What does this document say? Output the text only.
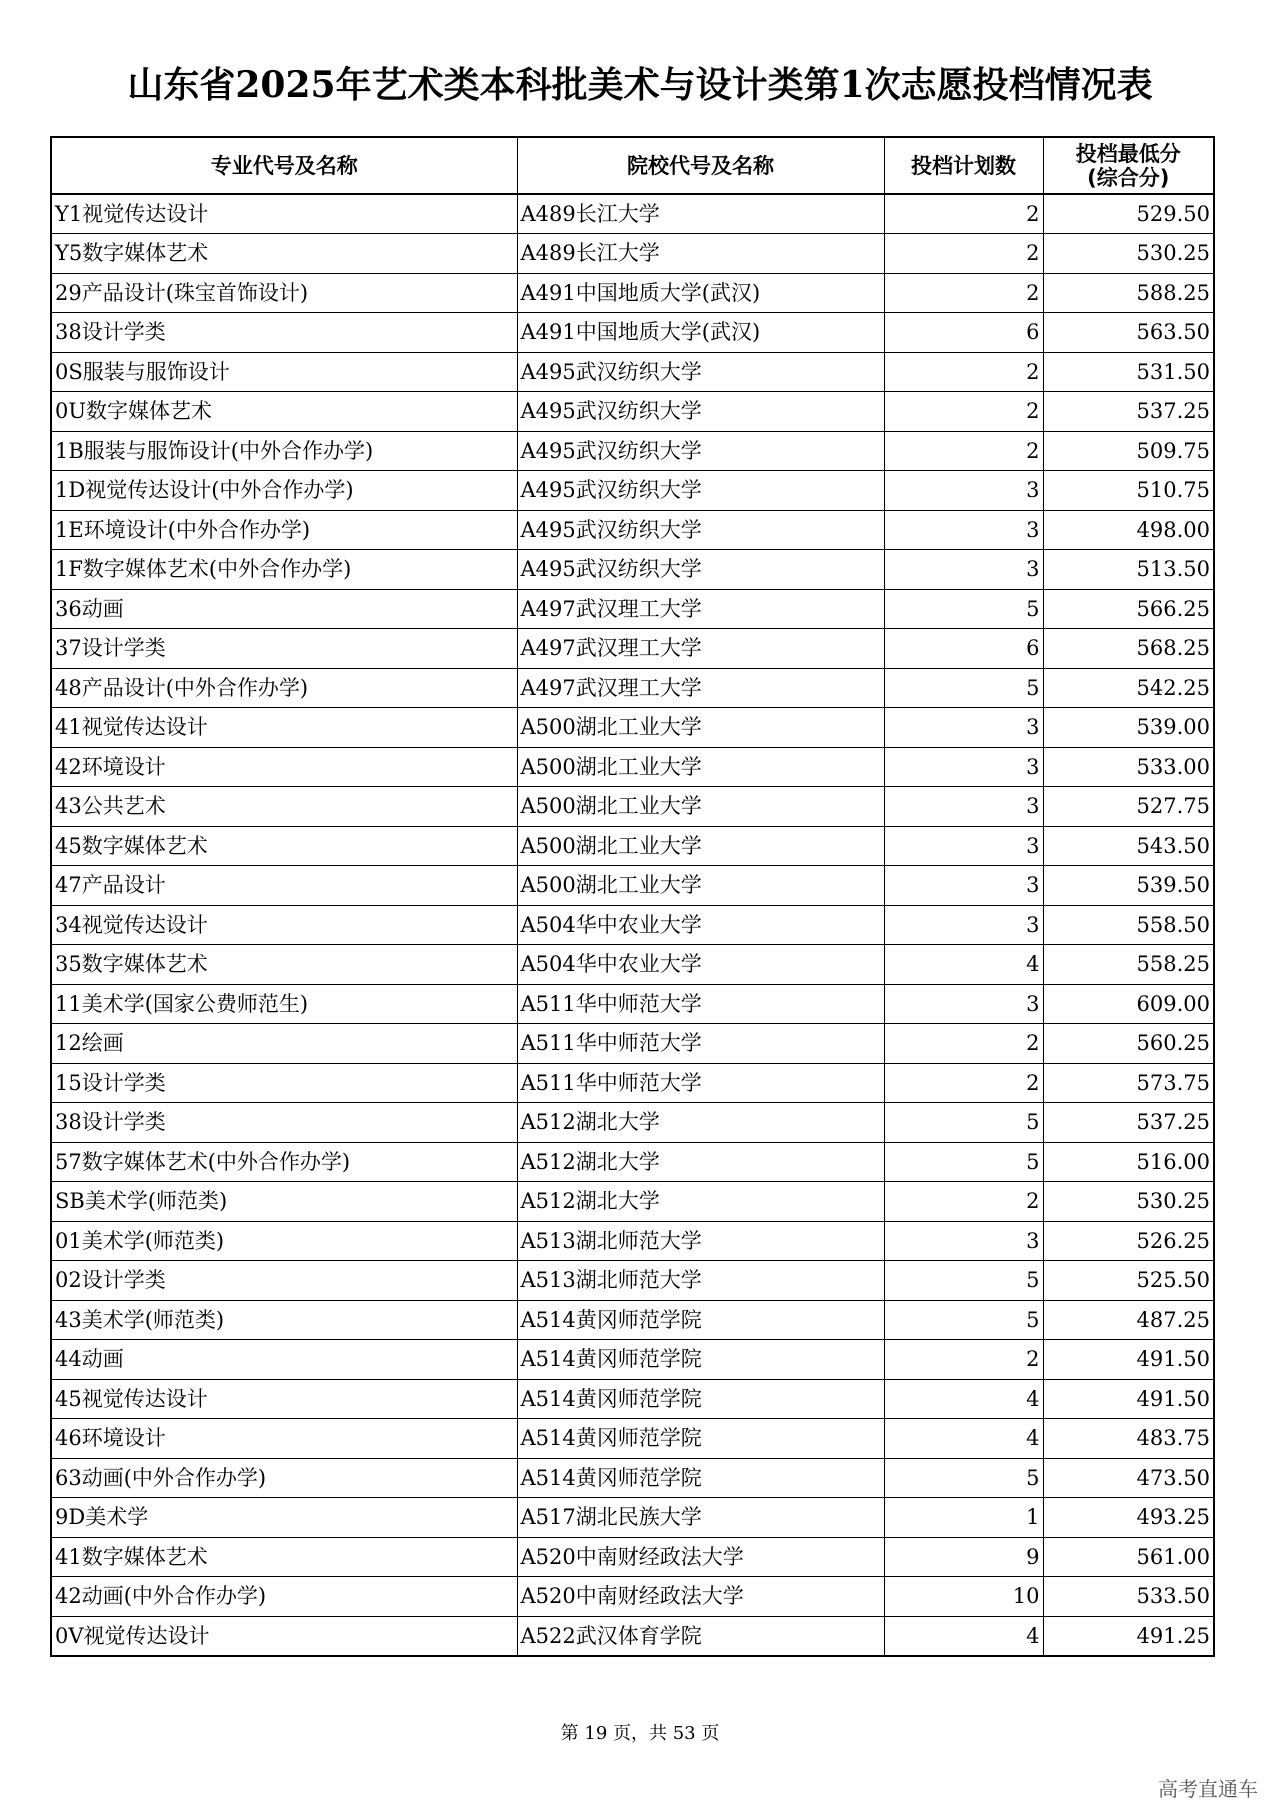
山东省2025年艺术类本科批美术与设计类第1次志愿投档情况表
专业代号及名称	院校代号及名称	投档计划数	投档最低分
(综合分)

Y1视觉传达设计	A489长江大学	2	529.50
Y5数字媒体艺术	A489长江大学	2	530.25
29产品设计(珠宝首饰设计)	A491中国地质大学(武汉)	2	588.25
38设计学类	A491中国地质大学(武汉)	6	563.50
0S服装与服饰设计	A495武汉纺织大学	2	531.50
0U数字媒体艺术	A495武汉纺织大学	2	537.25
1B服装与服饰设计(中外合作办学)	A495武汉纺织大学	2	509.75
1D视觉传达设计(中外合作办学)	A495武汉纺织大学	3	510.75
1E环境设计(中外合作办学)	A495武汉纺织大学	3	498.00
1F数字媒体艺术(中外合作办学)	A495武汉纺织大学	3	513.50
36动画	A497武汉理工大学	5	566.25
37设计学类	A497武汉理工大学	6	568.25
48产品设计(中外合作办学)	A497武汉理工大学	5	542.25
41视觉传达设计	A500湖北工业大学	3	539.00
42环境设计	A500湖北工业大学	3	533.00
43公共艺术	A500湖北工业大学	3	527.75
45数字媒体艺术	A500湖北工业大学	3	543.50
47产品设计	A500湖北工业大学	3	539.50
34视觉传达设计	A504华中农业大学	3	558.50
35数字媒体艺术	A504华中农业大学	4	558.25
11美术学(国家公费师范生)	A511华中师范大学	3	609.00
12绘画	A511华中师范大学	2	560.25
15设计学类	A511华中师范大学	2	573.75
38设计学类	A512湖北大学	5	537.25
57数字媒体艺术(中外合作办学)	A512湖北大学	5	516.00
SB美术学(师范类)	A512湖北大学	2	530.25
01美术学(师范类)	A513湖北师范大学	3	526.25
02设计学类	A513湖北师范大学	5	525.50
43美术学(师范类)	A514黄冈师范学院	5	487.25
44动画	A514黄冈师范学院	2	491.50
45视觉传达设计	A514黄冈师范学院	4	491.50
46环境设计	A514黄冈师范学院	4	483.75
63动画(中外合作办学)	A514黄冈师范学院	5	473.50
9D美术学	A517湖北民族大学	1	493.25
41数字媒体艺术	A520中南财经政法大学	9	561.00
42动画(中外合作办学)	A520中南财经政法大学	10	533.50
0V视觉传达设计	A522武汉体育学院	4	491.25
第 19 页，共 53 页
高考直通车
